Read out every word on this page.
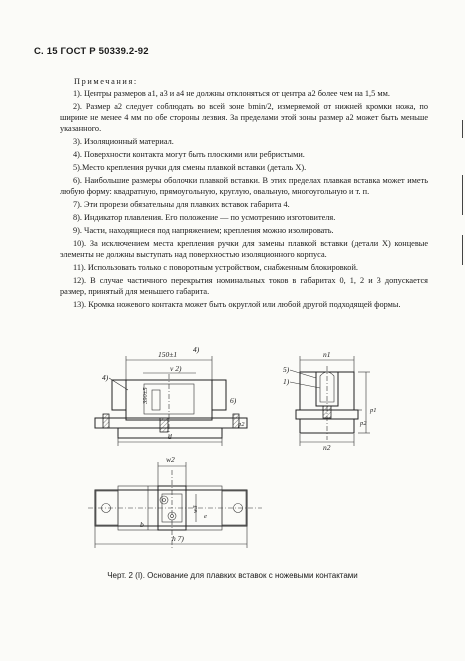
С. 15 ГОСТ Р 50339.2-92
Примечания:

1). Центры размеров a1, a3 и a4 не должны отклоняться от центра a2 более чем на 1,5 мм.

2). Размер a2 следует соблюдать во всей зоне bmin/2, измеряемой от нижней кромки ножа, по ширине не менее 4 мм по обе стороны лезвия. За пределами этой зоны размер a2 может быть меньше указанного.

3). Изоляционный материал.

4). Поверхности контакта могут быть плоскими или ребристыми.

5).Место крепления ручки для смены плавкой вставки (деталь X).

6). Наибольшие размеры оболочки плавкой вставки. В этих пределах плавкая вставка может иметь любую форму: квадратную, прямоугольную, круглую, овальную, многоугольную и т. п.

7). Эти прорези обязательны для плавких вставок габарита 4.

8). Индикатор плавления. Его положение — по усмотрению изготовителя.

9). Части, находящиеся под напряжением; крепления можно изолировать.

10). За исключением места крепления ручки для замены плавкой вставки (детали X) концевые элементы не должны выступать над поверхностью изоляционного корпуса.

11). Использовать только с поворотным устройством, снабженным блокировкой.

12). В случае частичного перекрытия номинальных токов в габаритах 0, 1, 2 и 3 допускается размер, принятый для меньшего габарита.

13). Кромка ножевого контакта может быть округлой или любой другой подходящей формы.

150±1
4)
v 2)
4)
390±5	6)
d
p2
n1
5)
1)
n2
p1
p2
w2
w3
b
e
h 7)
Черт. 2 (I). Основание для плавких вставок с ножевыми контактами
